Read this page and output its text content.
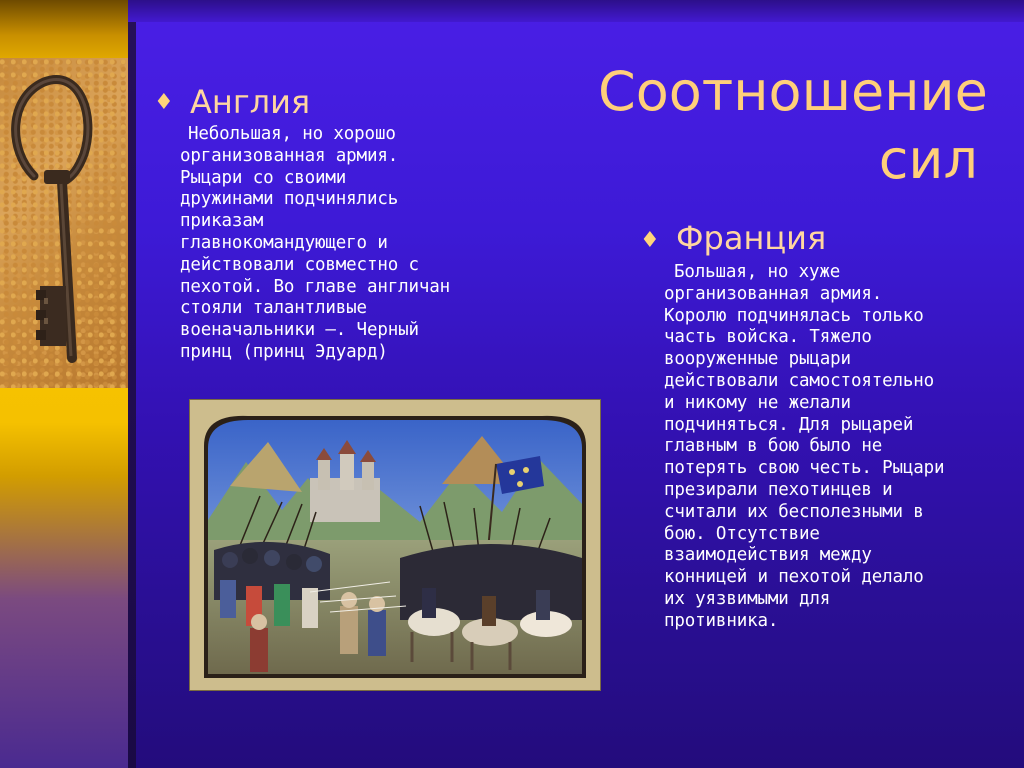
Соотношение
сил
♦ Англия
Небольшая, но хорошо
организованная армия.
Рыцари со своими
дружинами подчинялись
приказам
главнокомандующего и
действовали совместно с
пехотой. Во главе англичан
стояли талантливые
военачальники –. Черный
принц (принц Эдуард)
♦ Франция
Большая, но хуже
организованная армия.
Королю подчинялась только
часть войска. Тяжело
вооруженные рыцари
действовали самостоятельно
и никому не желали
подчиняться. Для рыцарей
главным в бою было не
потерять свою честь. Рыцари
презирали пехотинцев и
считали их бесполезными в
бою. Отсутствие
взаимодействия между
конницей и пехотой делало
их уязвимыми для
противника.
